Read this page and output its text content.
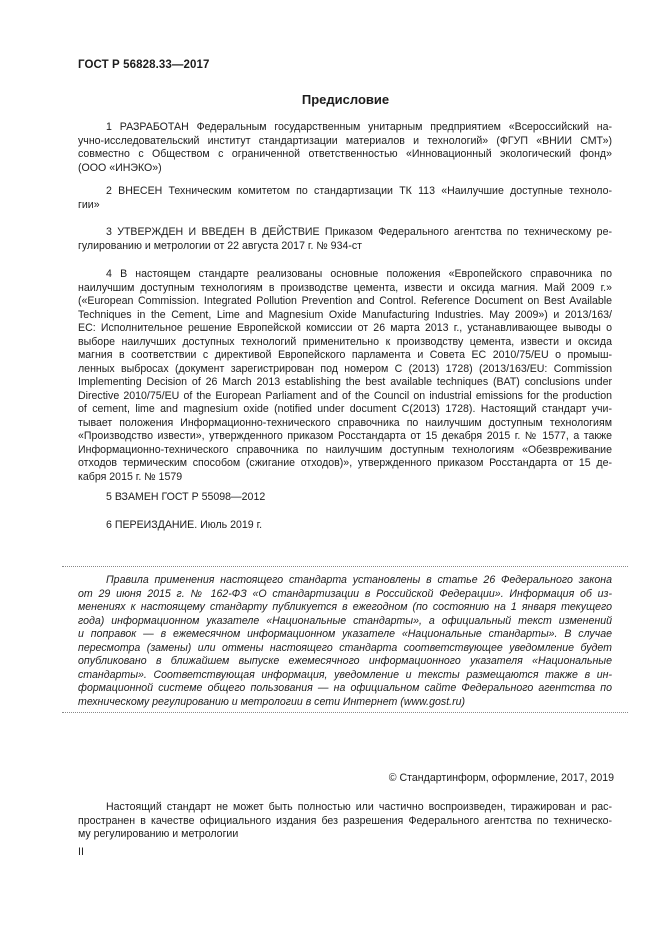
ГОСТ Р 56828.33—2017
Предисловие
1 РАЗРАБОТАН Федеральным государственным унитарным предприятием «Всероссийский на-
учно-исследовательский институт стандартизации материалов и технологий» (ФГУП «ВНИИ СМТ»)
совместно с Обществом с ограниченной ответственностью «Инновационный экологический фонд»
(ООО «ИНЭКО»)
2 ВНЕСЕН Техническим комитетом по стандартизации ТК 113 «Наилучшие доступные техноло-
гии»
3 УТВЕРЖДЕН И ВВЕДЕН В ДЕЙСТВИЕ Приказом Федерального агентства по техническому ре-
гулированию и метрологии от 22 августа 2017 г. № 934-ст
4 В настоящем стандарте реализованы основные положения «Европейского справочника по
наилучшим доступным технологиям в производстве цемента, извести и оксида магния. Май 2009 г.»
(«European Commission. Integrated Pollution Prevention and Control. Reference Document on Best Available
Techniques in the Cement, Lime and Magnesium Oxide Manufacturing Industries. May 2009») и 2013/163/
EC: Исполнительное решение Европейской комиссии от 26 марта 2013 г., устанавливающее выводы о
выборе наилучших доступных технологий применительно к производству цемента, извести и оксида
магния в соответствии с директивой Европейского парламента и Совета ЕС 2010/75/EU о промыш-
ленных выбросах (документ зарегистрирован под номером С (2013) 1728) (2013/163/EU: Commission
Implementing Decision of 26 March 2013 establishing the best available techniques (BAT) conclusions under
Directive 2010/75/EU of the European Parliament and of the Council on industrial emissions for the production
of cement, lime and magnesium oxide (notified under document C(2013) 1728). Настоящий стандарт учи-
тывает положения Информационно-технического справочника по наилучшим доступным технологиям
«Производство извести», утвержденного приказом Росстандарта от 15 декабря 2015 г. № 1577, а также
Информационно-технического справочника по наилучшим доступным технологиям «Обезвреживание
отходов термическим способом (сжигание отходов)», утвержденного приказом Росстандарта от 15 де-
кабря 2015 г. № 1579
5 ВЗАМЕН ГОСТ Р 55098—2012
6 ПЕРЕИЗДАНИЕ. Июль 2019 г.
Правила применения настоящего стандарта установлены в статье 26 Федерального закона
от 29 июня 2015 г. № 162-ФЗ «О стандартизации в Российской Федерации». Информация об из-
менениях к настоящему стандарту публикуется в ежегодном (по состоянию на 1 января текущего
года) информационном указателе «Национальные стандарты», а официальный текст изменений
и поправок — в ежемесячном информационном указателе «Национальные стандарты». В случае
пересмотра (замены) или отмены настоящего стандарта соответствующее уведомление будет
опубликовано в ближайшем выпуске ежемесячного информационного указателя «Национальные
стандарты». Соответствующая информация, уведомление и тексты размещаются также в ин-
формационной системе общего пользования — на официальном сайте Федерального агентства по
техническому регулированию и метрологии в сети Интернет (www.gost.ru)
© Стандартинформ, оформление, 2017, 2019
Настоящий стандарт не может быть полностью или частично воспроизведен, тиражирован и рас-
пространен в качестве официального издания без разрешения Федерального агентства по техническо-
му регулированию и метрологии
II
